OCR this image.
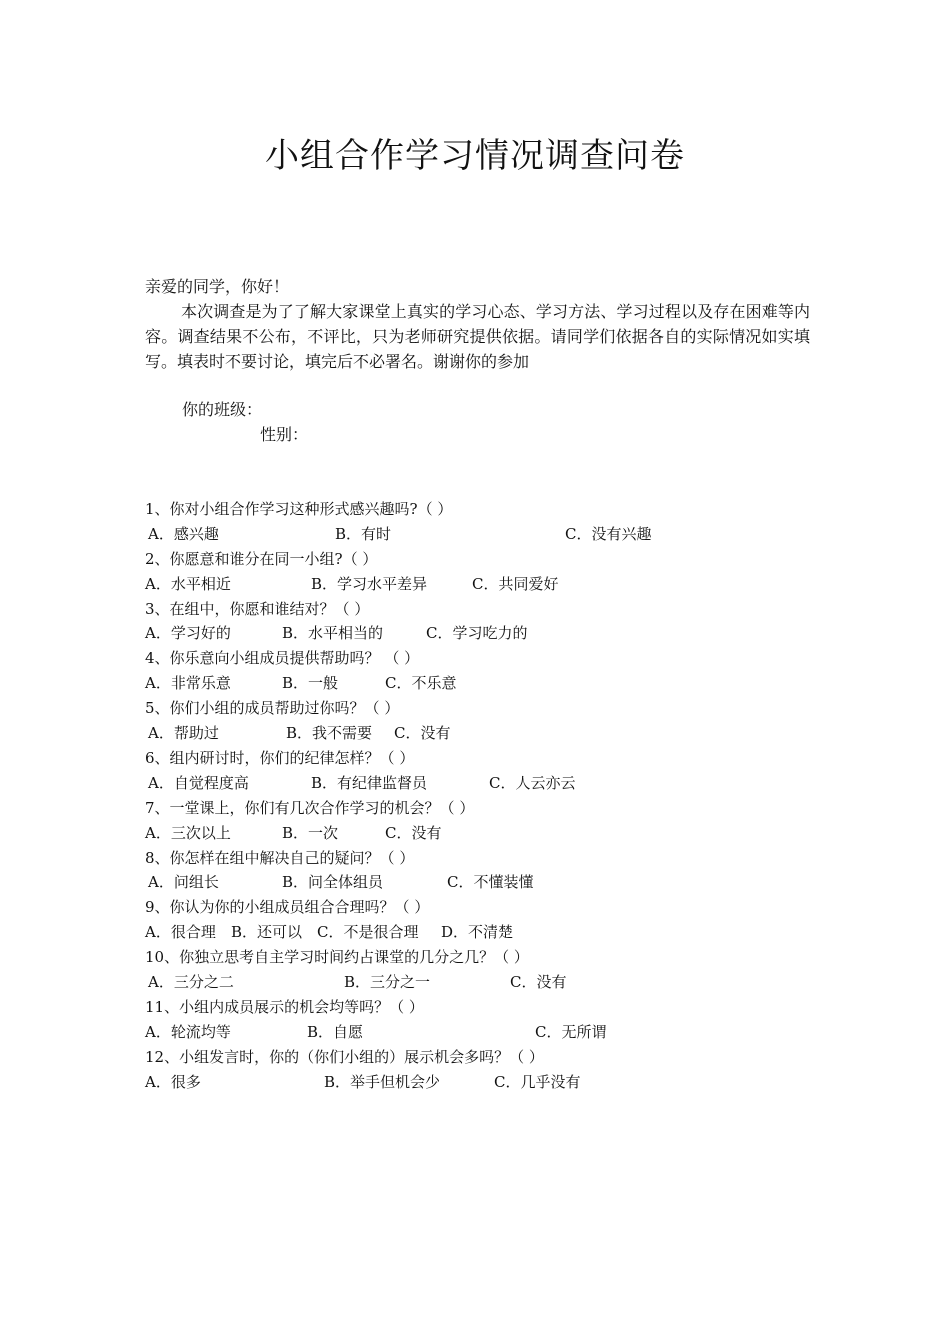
小组合作学习情况调查问卷
亲爱的同学，你好！

本次调查是为了了解大家课堂上真实的学习心态、学习方法、学习过程以及存在困难等内容。调查结果不公布，不评比，只为老师研究提供依据。请同学们依据各自的实际情况如实填写。填表时不要讨论，填完后不必署名。谢谢你的参加

你的班级：
性别：
1、你对小组合作学习这种形式感兴趣吗?（ ）
A．感兴趣	B．有时	C．没有兴趣
2、你愿意和谁分在同一小组?（ ）
A．水平相近	B．学习水平差异	C．共同爱好
3、在组中，你愿和谁结对？（ ）
A．学习好的	B．水平相当的	C．学习吃力的
4、你乐意向小组成员提供帮助吗？ （ ）
A．非常乐意	B．一般	C．不乐意
5、你们小组的成员帮助过你吗？（ ）
A．帮助过	B．我不需要 C．没有
6、组内研讨时，你们的纪律怎样？（ ）
A．自觉程度高	B．有纪律监督员	C．人云亦云
7、一堂课上，你们有几次合作学习的机会？（ ）
A．三次以上	B．一次	C．没有
8、你怎样在组中解决自己的疑问？（ ）
A．问组长	B．问全体组员	C．不懂装懂
9、你认为你的小组成员组合合理吗？（ ）
A．很合理 B．还可以 C．不是很合理 D．不清楚
10、你独立思考自主学习时间约占课堂的几分之几？（ ）
A．三分之二	B．三分之一	C．没有
11、小组内成员展示的机会均等吗？（ ）
A．轮流均等	B．自愿	C．无所谓
12、小组发言时，你的（你们小组的）展示机会多吗？（ ）
A．很多	B．举手但机会少	C．几乎没有
